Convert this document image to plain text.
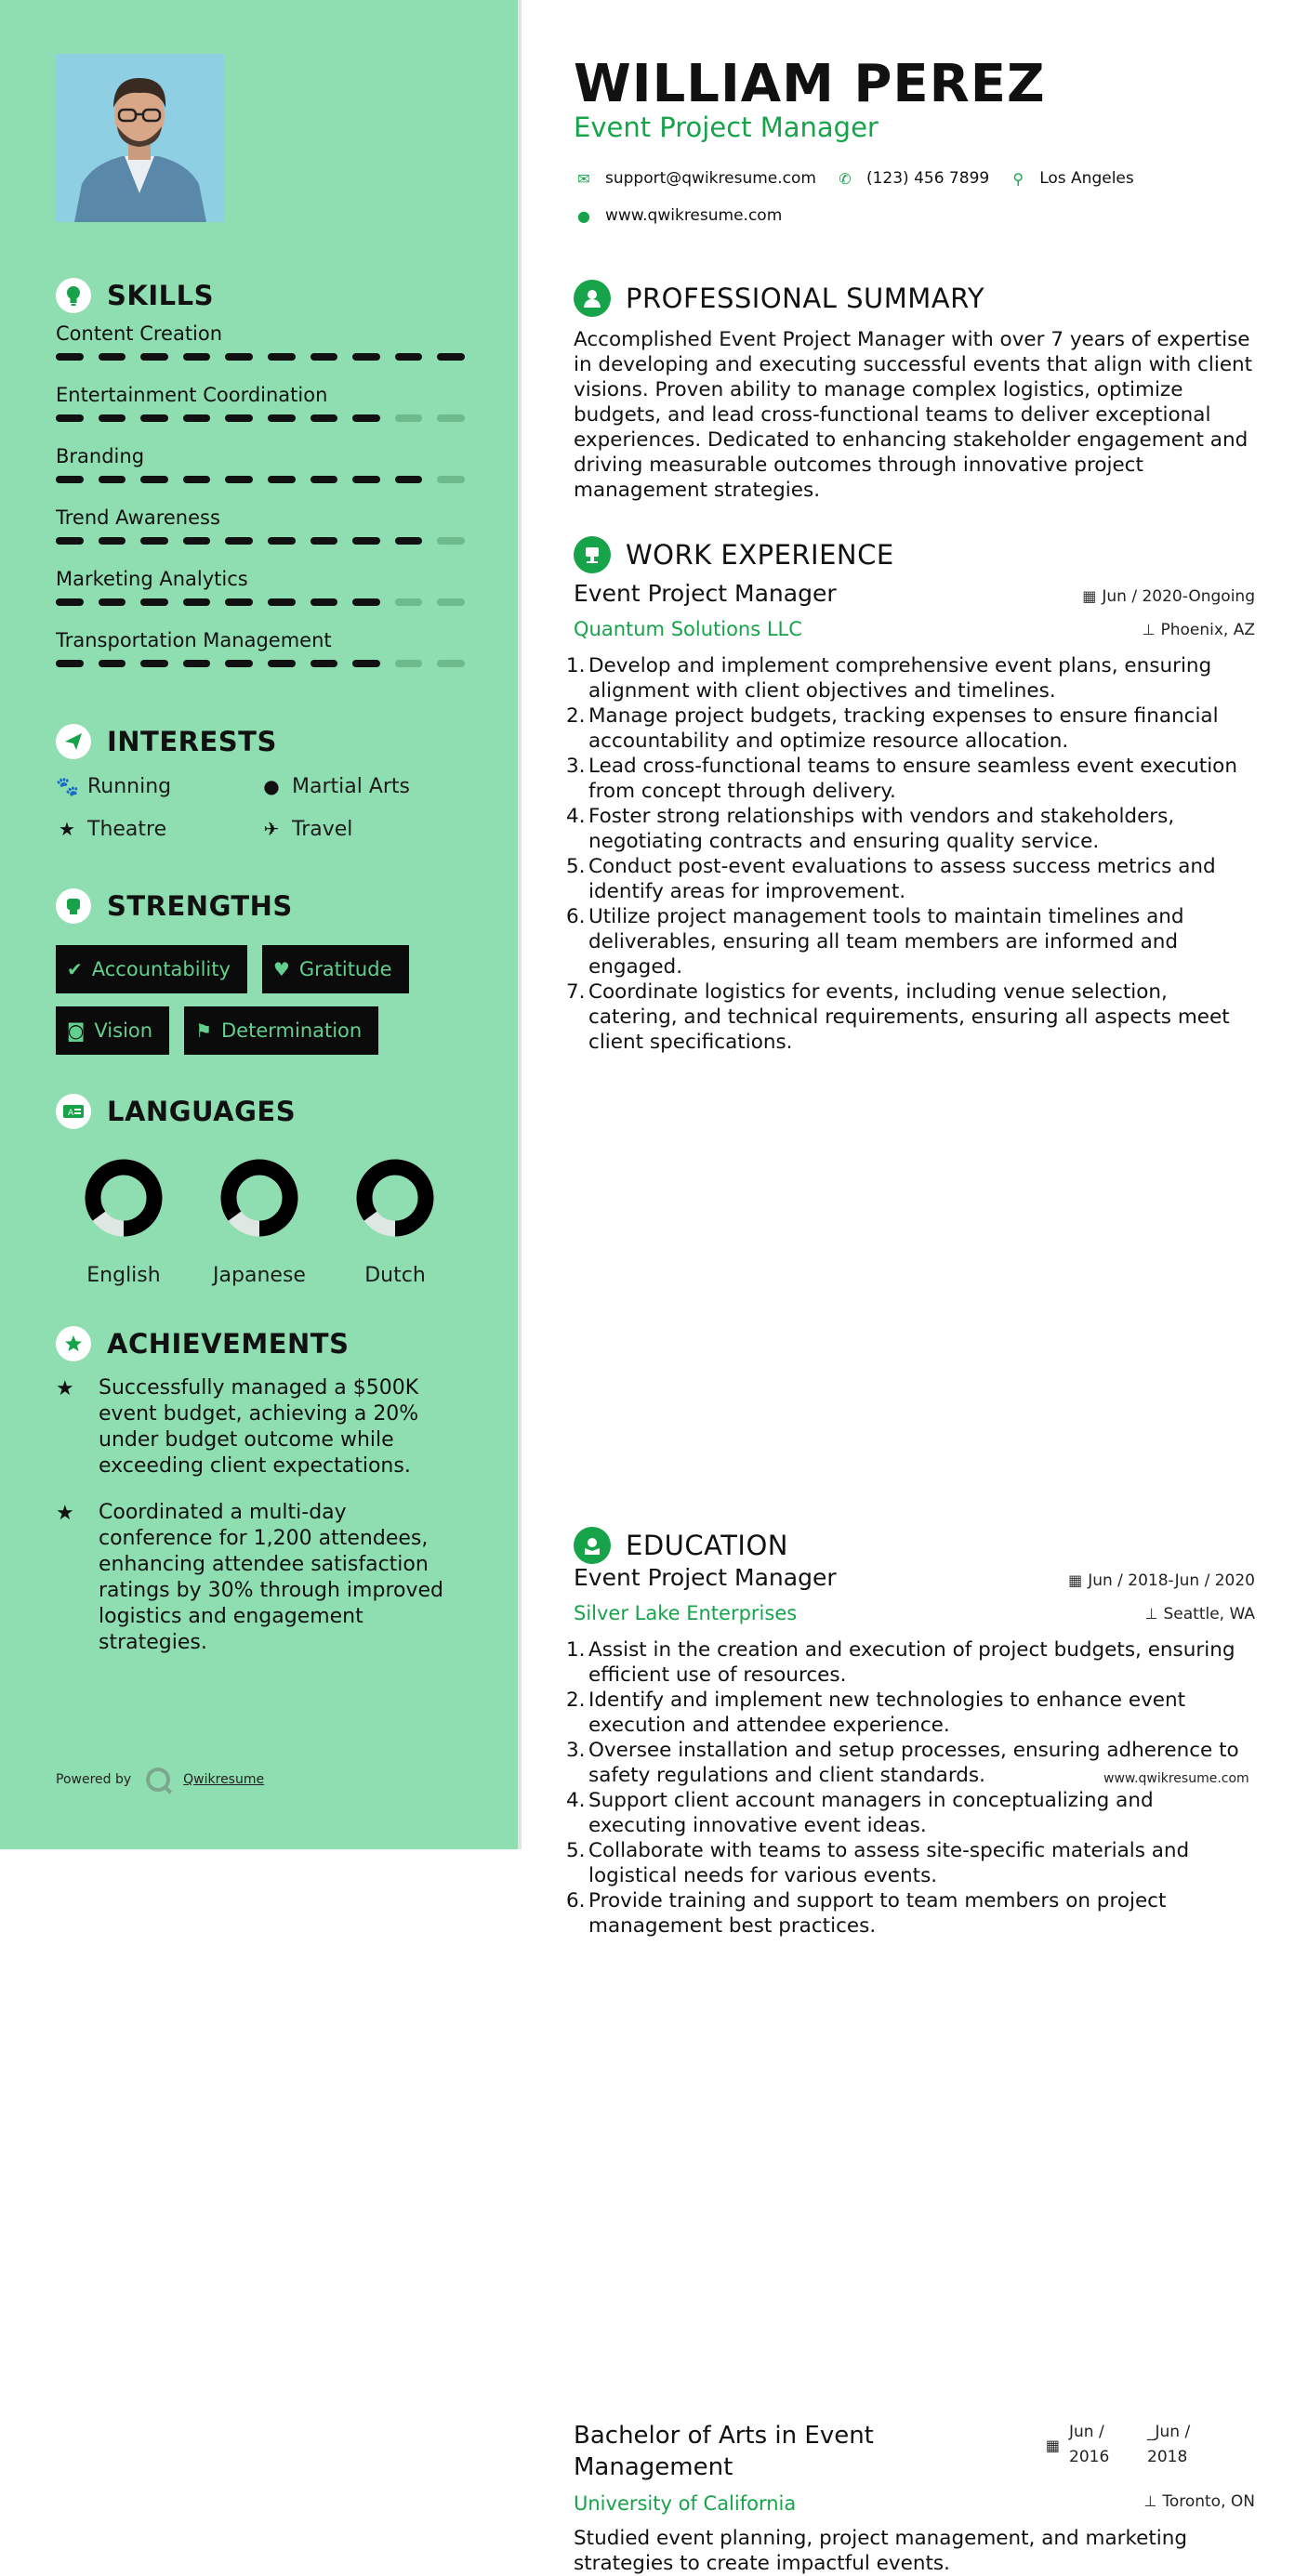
SKILLS
Content Creation
Entertainment Coordination
Branding
Trend Awareness
Marketing Analytics
Transportation Management
INTERESTS
🐾 Running	● Martial Arts
★ Theatre	✈ Travel
STRENGTHS
✔ Accountability ♥ Gratitude
◙ Vision ⚑ Determination
A LANGUAGES
English	Japanese	Dutch
ACHIEVEMENTS
★	Successfully managed a $500K event budget, achieving a 20% under budget outcome while exceeding client expectations.
★	Coordinated a multi-day conference for 1,200 attendees, enhancing attendee satisfaction ratings by 30% through improved logistics and engagement strategies.
Powered by	Qwikresume
WILLIAM PEREZ
Event Project Manager
✉ support@qwikresume.com ✆ (123) 456 7899	⚲	Los Angeles
● www.qwikresume.com
PROFESSIONAL SUMMARY

Accomplished Event Project Manager with over 7 years of expertise in developing and executing successful events that align with client visions. Proven ability to manage complex logistics, optimize budgets, and lead cross-functional teams to deliver exceptional experiences. Dedicated to enhancing stakeholder engagement and driving measurable outcomes through innovative project management strategies.

WORK EXPERIENCE
Event Project Manager
Quantum Solutions LLC
▦ Jun / 2020-Ongoing
⊥ Phoenix, AZ
1. Develop and implement comprehensive event plans, ensuring alignment with client objectives and timelines.
2. Manage project budgets, tracking expenses to ensure financial accountability and optimize resource allocation.
3. Lead cross-functional teams to ensure seamless event execution from concept through delivery.
4. Foster strong relationships with vendors and stakeholders, negotiating contracts and ensuring quality service.
5. Conduct post-event evaluations to assess success metrics and identify areas for improvement.
6. Utilize project management tools to maintain timelines and deliverables, ensuring all team members are informed and engaged.
7. Coordinate logistics for events, including venue selection, catering, and technical requirements, ensuring all aspects meet client specifications.
Event Project Manager
Silver Lake Enterprises
▦ Jun / 2018-Jun / 2020
⊥ Seattle, WA
1. Assist in the creation and execution of project budgets, ensuring efficient use of resources.
2. Identify and implement new technologies to enhance event execution and attendee experience.
3. Oversee installation and setup processes, ensuring adherence to safety regulations and client standards.
4. Support client account managers in conceptualizing and executing innovative event ideas.
5. Collaborate with teams to assess site-specific materials and logistical needs for various events.
6. Provide training and support to team members on project management best practices.
EDUCATION
Bachelor of Arts in Event Management
▦
Jun /
2016
_Jun /
2018
University of California	⊥ Toronto, ON

Studied event planning, project management, and marketing strategies to create impactful events.

www.qwikresume.com
